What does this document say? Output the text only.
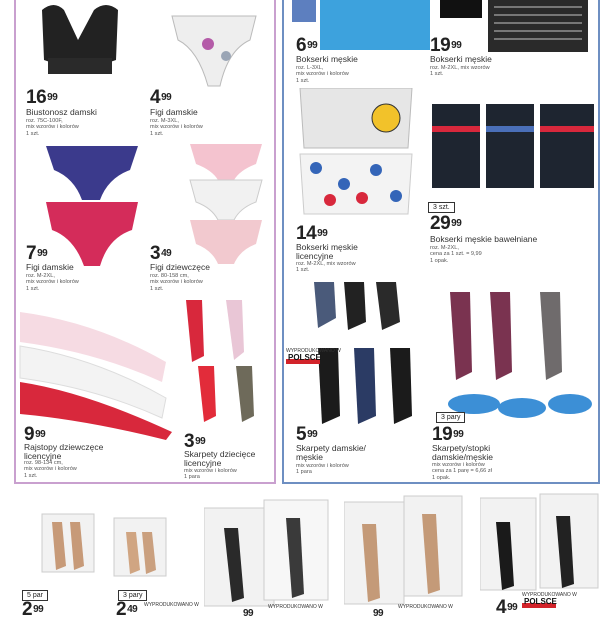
$16^{99}$
Biustonosz damski
roz. 75C-100F,
mix wzorów i kolorów
1 szt.
$4^{99}$
Figi damskie
roz. M-3XL,
mix wzorów i kolorów
1 szt.
$7^{99}$
Figi damskie
roz. M-2XL,
mix wzorów i kolorów
1 szt.
$3^{49}$
Figi dziewczęce
roz. 80-158 cm,
mix wzorów i kolorów
1 szt.
$9^{99}$
Rajstopy dziewczęce
licencyjne
roz. 98-134 cm,
mix wzorów i kolorów
1 szt.
$3^{99}$
Skarpety dziecięce
licencyjne
mix wzorów i kolorów
1 para
$6^{99}$
Bokserki męskie
roz. L-3XL,
mix wzorów i kolorów
1 szt.
$19^{99}$
Bokserki męskie
roz. M-2XL, mix wzorów
1 szt.
3 szt.
$14^{99}$
Bokserki męskie
licencyjne
roz. M-2XL, mix wzorów
1 szt.
$29^{99}$
Bokserki męskie bawełniane
roz. M-2XL,
cena za 1 szt. = 9,99
1 opak.
WYPRODUKOWANO W
POLSCE
3 pary
$5^{99}$
Skarpety damskie/
męskie
mix wzorów i kolorów
1 para
$19^{99}$
Skarpety/stopki
damskie/męskie
mix wzorów i kolorów
cena za 1 parę = 6,66 zł
1 opak.
5 par	3 pary
$2^{99}$	$2^{49}$	$^{99}$	$^{99}$	$4^{99}$
WYPRODUKOWANO W	WYPRODUKOWANO W	WYPRODUKOWANO W
WYPRODUKOWANO W
POLSCE
